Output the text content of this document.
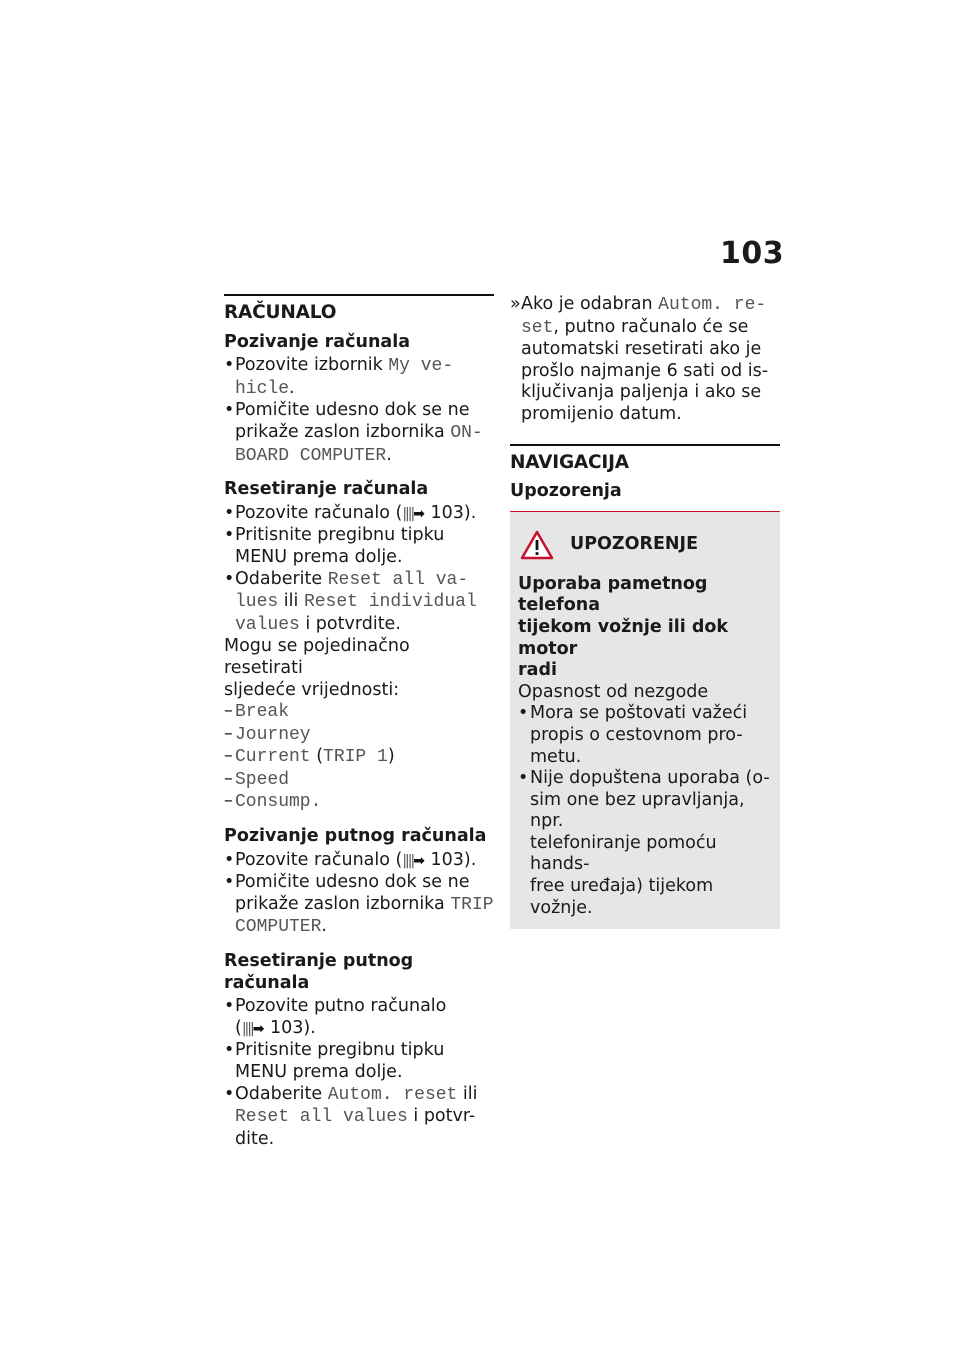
103
RAČUNALO
Pozivanje računala

• Pozovite izbornik My ve-
hicle.

• Pomičite udesno dok se ne
prikaže zaslon izbornika ON-
BOARD COMPUTER.

Resetiranje računala

• Pozovite računalo (||||➡ 103).

• Pritisnite pregibnu tipku
MENU prema dolje.

• Odaberite Reset all va-
lues ili Reset individual
values i potvrdite.

Mogu se pojedinačno resetirati
sljedeće vrijednosti:

– Break

– Journey

– Current (TRIP 1)

– Speed

– Consump.

Pozivanje putnog računala

• Pozovite računalo (||||➡ 103).

• Pomičite udesno dok se ne
prikaže zaslon izbornika TRIP
COMPUTER.

Resetiranje putnog računala

• Pozovite putno računalo
(||||➡ 103).

• Pritisnite pregibnu tipku
MENU prema dolje.

• Odaberite Autom. reset ili
Reset all values i potvr-
dite.

» Ako je odabran Autom. re-
set, putno računalo će se
automatski resetirati ako je
prošlo najmanje 6 sati od is-
ključivanja paljenja i ako se
promijenio datum.

NAVIGACIJA
Upozorenja
UPOZORENJE

Uporaba pametnog telefona
tijekom vožnje ili dok motor
radi

Opasnost od nezgode

• Mora se poštovati važeći
propis o cestovnom pro-
metu.

• Nije dopuštena uporaba (o-
sim one bez upravljanja, npr.
telefoniranje pomoću hands-
free uređaja) tijekom vožnje.
